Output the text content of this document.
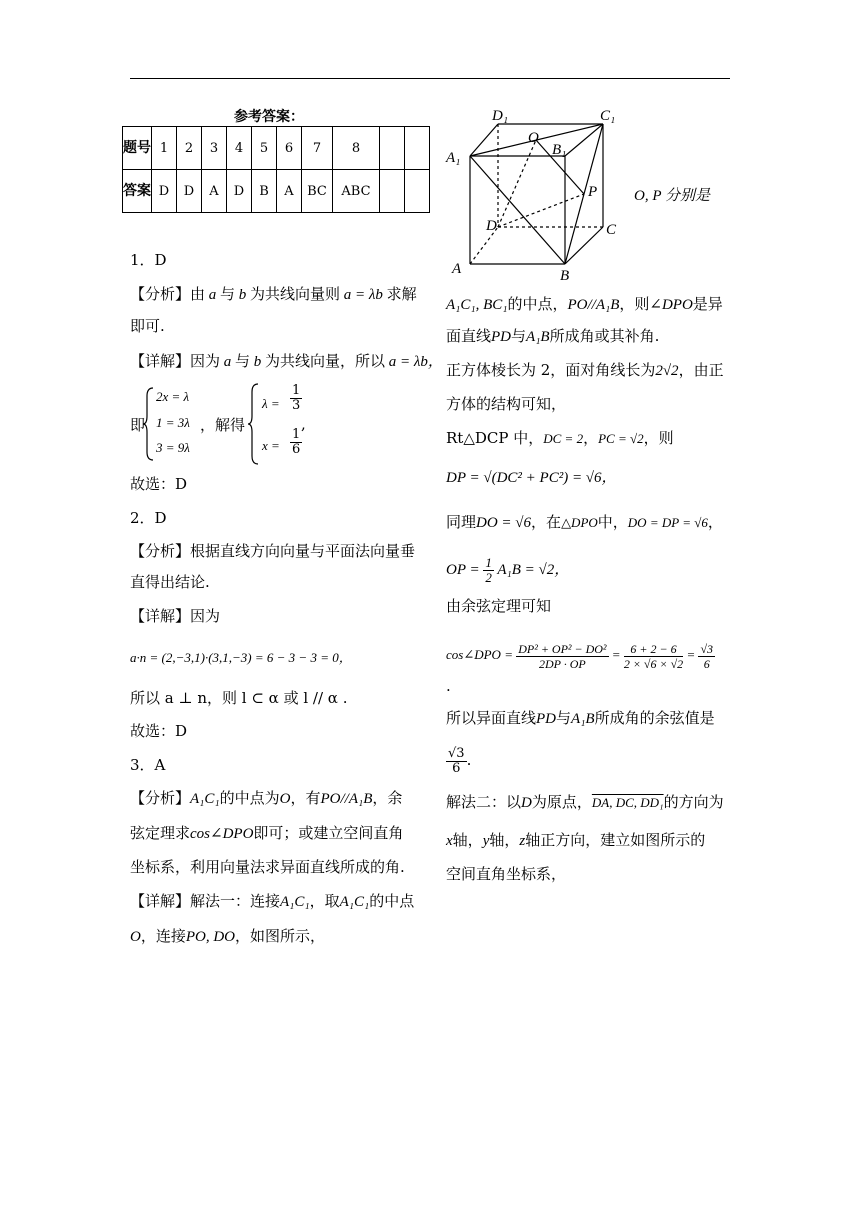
参考答案：
题号	1	2	3	4	5	6	7	8		
答案	D	D	A	D	B	A	BC	ABC		
1．D
【分析】由 a 与 b 为共线向量则 a = λb 求解
即可.
【详解】因为 a 与 b 为共线向量，所以 a = λb，
即
2x = λ
1 = 3λ
3 = 9λ
，解得
$\lambda = \frac{1}{3}$
,
$x = \frac{1}{6}$
故选：D
2．D
【分析】根据直线方向向量与平面法向量垂
直得出结论.
【详解】因为
a·n = (2,−3,1)·(3,1,−3) = 6 − 3 − 3 = 0，
所以 a ⊥ n，则 l ⊂ α 或 l // α .
故选：D
3．A
【分析】A₁C₁的中点为O，有PO//A₁B，余
弦定理求cos∠DPO即可；或建立空间直角
坐标系，利用向量法求异面直线所成的角.
【详解】解法一：连接A₁C₁，取A₁C₁的中点
O，连接PO, DO，如图所示，
D₁	C₁
O
B₁
A₁
P
D	C
A	B
O, P 分别是
A₁C₁, BC₁的中点，PO//A₁B，则∠DPO是异
面直线PD与A₁B所成角或其补角.
正方体棱长为 2，面对角线长为2√2，由正
方体的结构可知，
Rt△DCP 中，DC = 2，PC = √2，则
DP = √(DC² + PC²) = √6，
同理DO = √6，在△DPO中，DO = DP = √6，
OP = $\frac{1}{2} A_1B = √2$，
由余弦定理可知
cos∠DPO = $\frac{\text{DP² + OP² − DO²}}{2DP \cdot OP} = \frac{6 + 2 - 6}{2 \times √6 \times √2} = \frac{√3}{6}$
.
所以异面直线PD与A₁B所成角的余弦值是
$\frac{√3}{6}$ .
解法二：以D为原点，DA, DC, DD₁的方向为
x轴，y轴，z轴正方向，建立如图所示的
空间直角坐标系，
